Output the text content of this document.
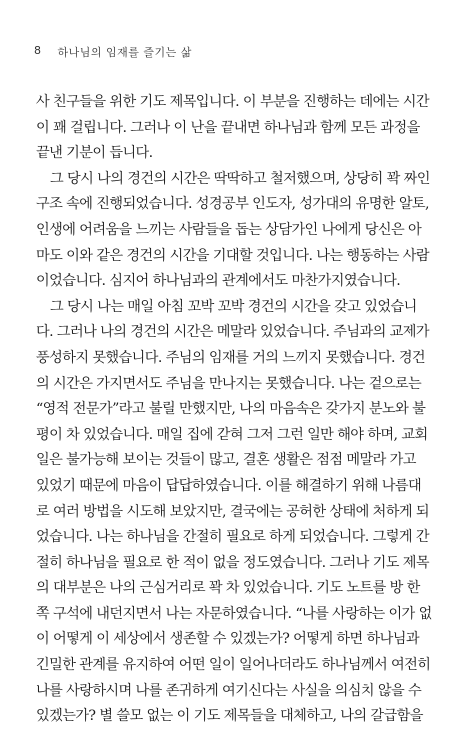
8 하나님의 임재를 즐기는 삶
사 친구들을 위한 기도 제목입니다. 이 부분을 진행하는 데에는 시간
이 꽤 걸립니다. 그러나 이 난을 끝내면 하나님과 함께 모든 과정을
끝낸 기분이 듭니다.
그 당시 나의 경건의 시간은 딱딱하고 철저했으며, 상당히 꽉 짜인
구조 속에 진행되었습니다. 성경공부 인도자, 성가대의 유명한 알토,
인생에 어려움을 느끼는 사람들을 돕는 상담가인 나에게 당신은 아
마도 이와 같은 경건의 시간을 기대할 것입니다. 나는 행동하는 사람
이었습니다. 심지어 하나님과의 관계에서도 마찬가지였습니다.
그 당시 나는 매일 아침 꼬박 꼬박 경건의 시간을 갖고 있었습니
다. 그러나 나의 경건의 시간은 메말라 있었습니다. 주님과의 교제가
풍성하지 못했습니다. 주님의 임재를 거의 느끼지 못했습니다. 경건
의 시간은 가지면서도 주님을 만나지는 못했습니다. 나는 겉으로는
“영적 전문가”라고 불릴 만했지만, 나의 마음속은 갖가지 분노와 불
평이 차 있었습니다. 매일 집에 갇혀 그저 그런 일만 해야 하며, 교회
일은 불가능해 보이는 것들이 많고, 결혼 생활은 점점 메말라 가고
있었기 때문에 마음이 답답하였습니다. 이를 해결하기 위해 나름대
로 여러 방법을 시도해 보았지만, 결국에는 공허한 상태에 처하게 되
었습니다. 나는 하나님을 간절히 필요로 하게 되었습니다. 그렇게 간
절히 하나님을 필요로 한 적이 없을 정도였습니다. 그러나 기도 제목
의 대부분은 나의 근심거리로 꽉 차 있었습니다. 기도 노트를 방 한
쪽 구석에 내던지면서 나는 자문하였습니다. “나를 사랑하는 이가 없
이 어떻게 이 세상에서 생존할 수 있겠는가? 어떻게 하면 하나님과
긴밀한 관계를 유지하여 어떤 일이 일어나더라도 하나님께서 여전히
나를 사랑하시며 나를 존귀하게 여기신다는 사실을 의심치 않을 수
있겠는가? 별 쓸모 없는 이 기도 제목들을 대체하고, 나의 갈급함을
